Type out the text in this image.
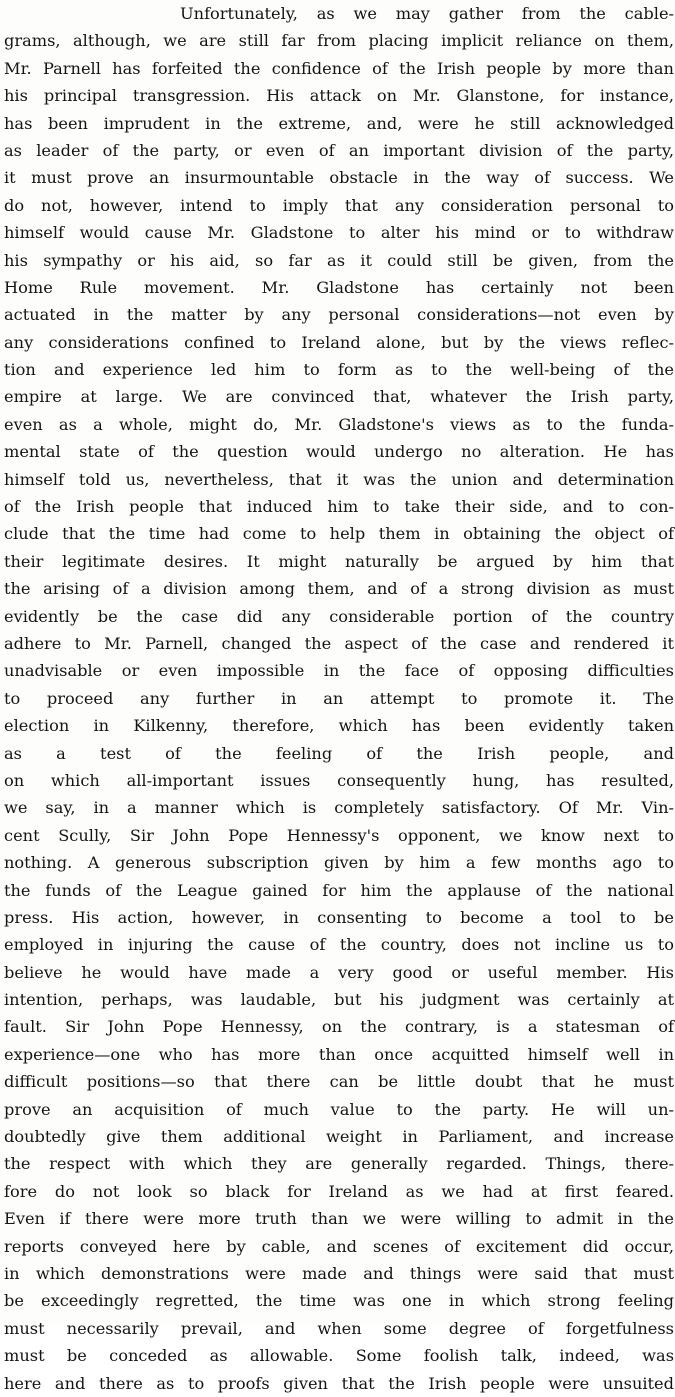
Unfortunately, as we may gather from the cable-
grams, although, we are still far from placing implicit reliance on them,
Mr. Parnell has forfeited the confidence of the Irish people by more than
his principal transgression. His attack on Mr. Glanstone, for instance,
has been imprudent in the extreme, and, were he still acknowledged
as leader of the party, or even of an important division of the party,
it must prove an insurmountable obstacle in the way of success. We
do not, however, intend to imply that any consideration personal to
himself would cause Mr. Gladstone to alter his mind or to withdraw
his sympathy or his aid, so far as it could still be given, from the
Home Rule movement. Mr. Gladstone has certainly not been
actuated in the matter by any personal considerations—not even by
any considerations confined to Ireland alone, but by the views reflec-
tion and experience led him to form as to the well-being of the
empire at large. We are convinced that, whatever the Irish party,
even as a whole, might do, Mr. Gladstone's views as to the funda-
mental state of the question would undergo no alteration. He has
himself told us, nevertheless, that it was the union and determination
of the Irish people that induced him to take their side, and to con-
clude that the time had come to help them in obtaining the object of
their legitimate desires. It might naturally be argued by him that
the arising of a division among them, and of a strong division as must
evidently be the case did any considerable portion of the country
adhere to Mr. Parnell, changed the aspect of the case and rendered it
unadvisable or even impossible in the face of opposing difficulties
to proceed any further in an attempt to promote it. The
election in Kilkenny, therefore, which has been evidently taken
as a test of the feeling of the Irish people, and
on which all-important issues consequently hung, has resulted,
we say, in a manner which is completely satisfactory. Of Mr. Vin-
cent Scully, Sir John Pope Hennessy's opponent, we know next to
nothing. A generous subscription given by him a few months ago to
the funds of the League gained for him the applause of the national
press. His action, however, in consenting to become a tool to be
employed in injuring the cause of the country, does not incline us to
believe he would have made a very good or useful member. His
intention, perhaps, was laudable, but his judgment was certainly at
fault. Sir John Pope Hennessy, on the contrary, is a statesman of
experience—one who has more than once acquitted himself well in
difficult positions—so that there can be little doubt that he must
prove an acquisition of much value to the party. He will un-
doubtedly give them additional weight in Parliament, and increase
the respect with which they are generally regarded. Things, there-
fore do not look so black for Ireland as we had at first feared.
Even if there were more truth than we were willing to admit in the
reports conveyed here by cable, and scenes of excitement did occur,
in which demonstrations were made and things were said that must
be exceedingly regretted, the time was one in which strong feeling
must necessarily prevail, and when some degree of forgetfulness
must be conceded as allowable. Some foolish talk, indeed, was
here and there as to proofs given that the Irish people were unsuited
